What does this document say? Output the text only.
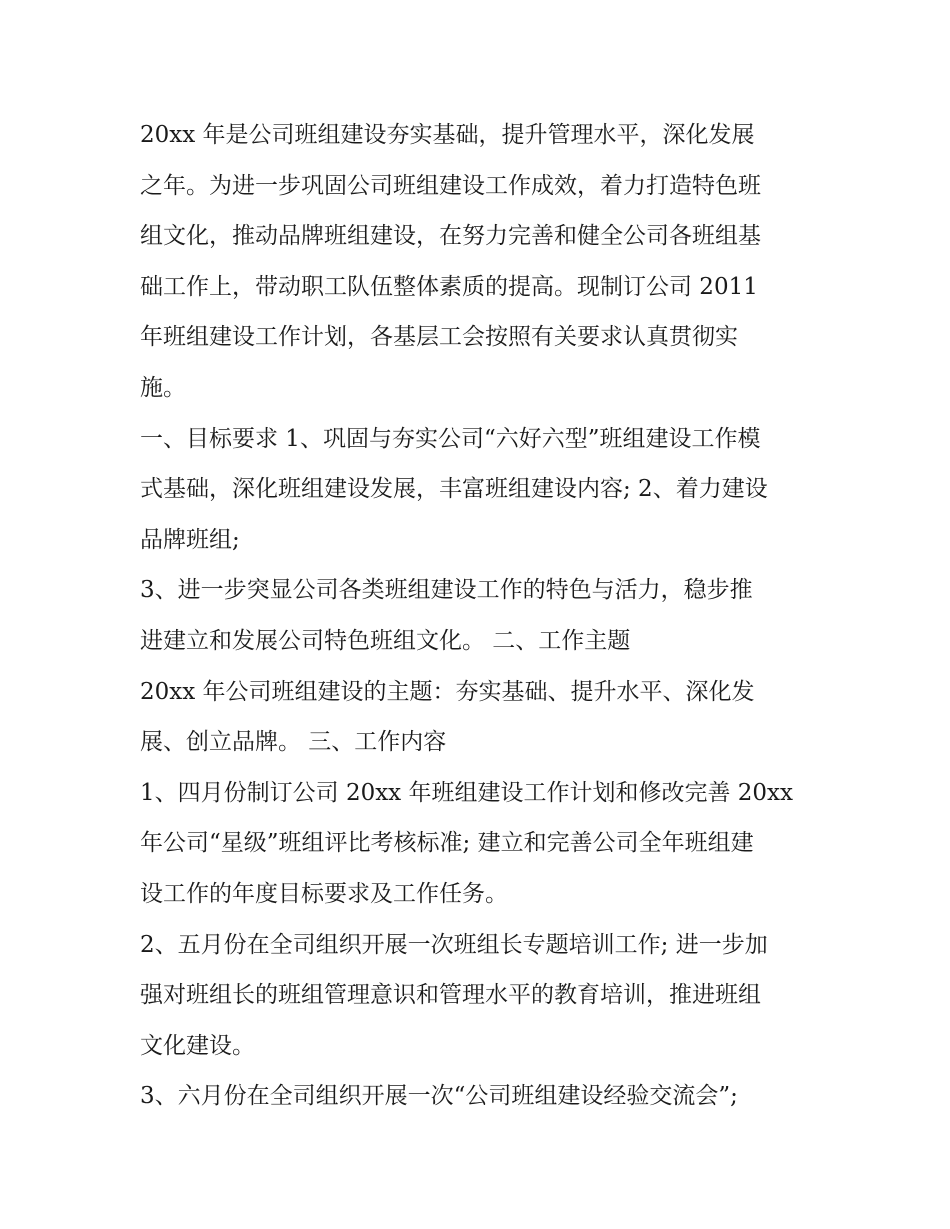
20xx 年是公司班组建设夯实基础，提升管理水平，深化发展
之年。为进一步巩固公司班组建设工作成效，着力打造特色班
组文化，推动品牌班组建设，在努力完善和健全公司各班组基
础工作上，带动职工队伍整体素质的提高。现制订公司 2011
年班组建设工作计划，各基层工会按照有关要求认真贯彻实
施。
一、目标要求 1、巩固与夯实公司“六好六型”班组建设工作模
式基础，深化班组建设发展，丰富班组建设内容; 2、着力建设
品牌班组;
3、进一步突显公司各类班组建设工作的特色与活力，稳步推
进建立和发展公司特色班组文化。 二、工作主题
20xx 年公司班组建设的主题：夯实基础、提升水平、深化发
展、创立品牌。 三、工作内容
1、四月份制订公司 20xx 年班组建设工作计划和修改完善 20xx
年公司“星级”班组评比考核标准; 建立和完善公司全年班组建
设工作的年度目标要求及工作任务。
2、五月份在全司组织开展一次班组长专题培训工作; 进一步加
强对班组长的班组管理意识和管理水平的教育培训，推进班组
文化建设。
3、六月份在全司组织开展一次“公司班组建设经验交流会”;
